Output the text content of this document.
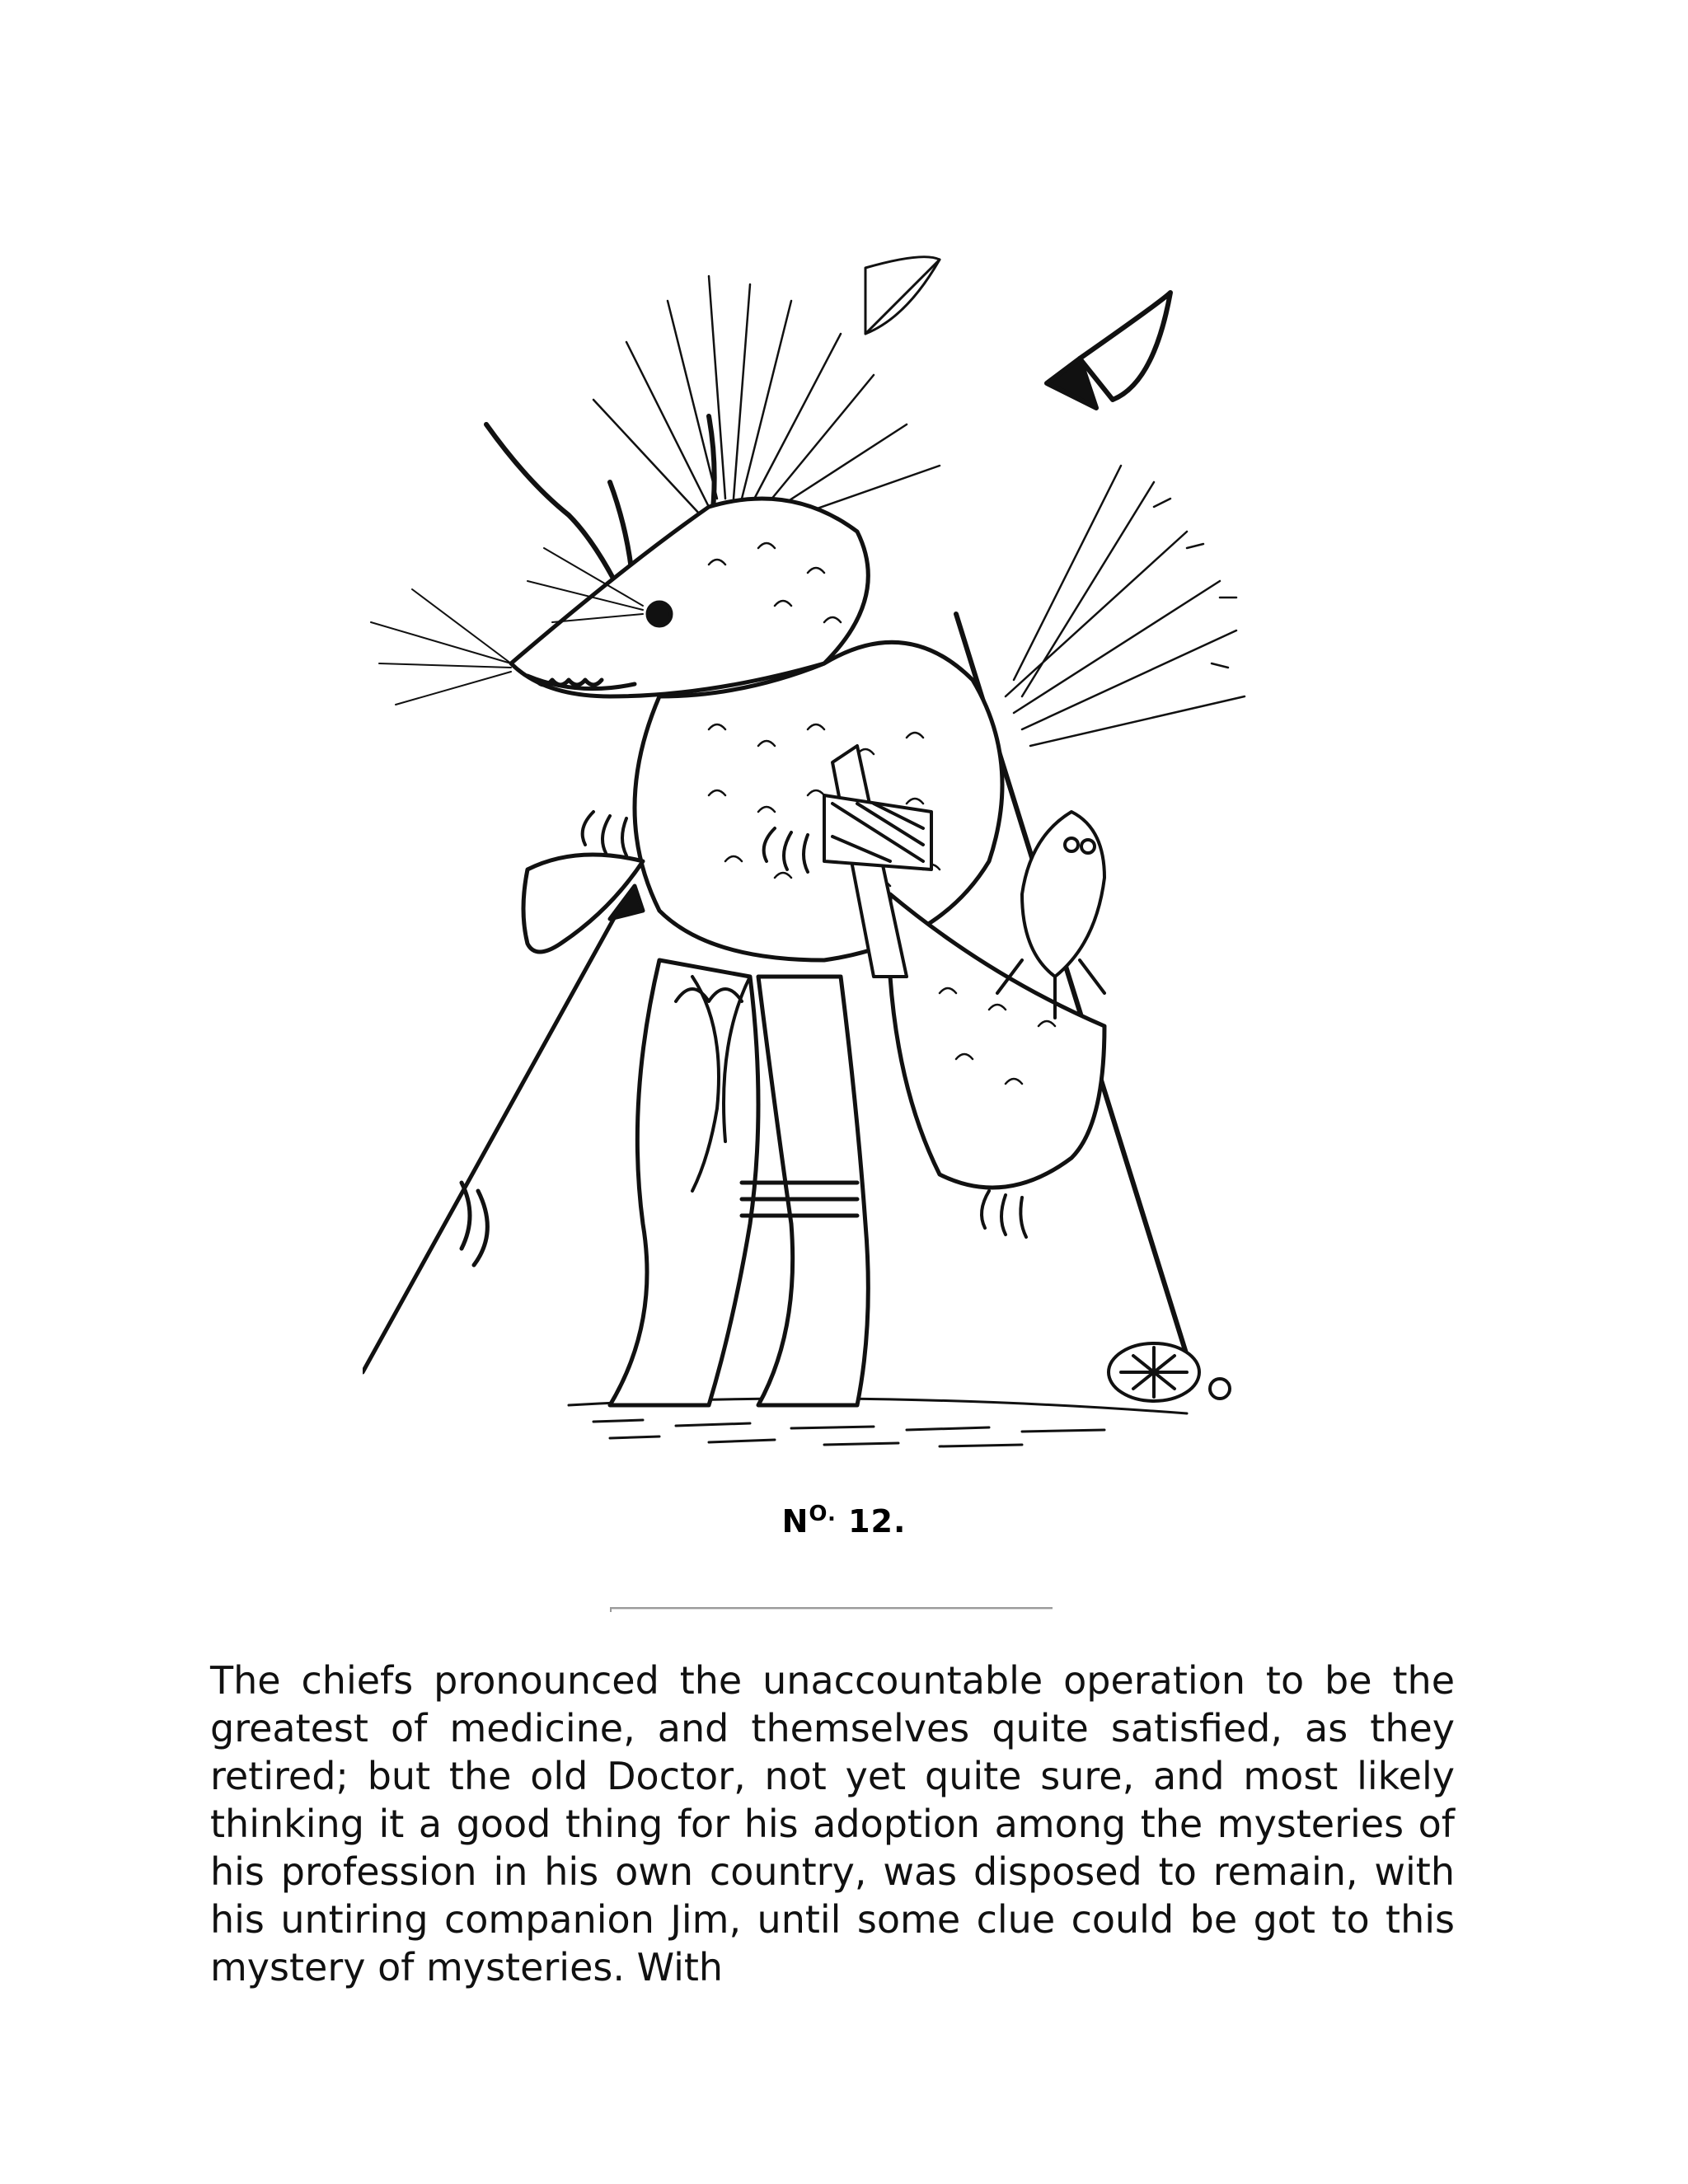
$N^{O.}$ 12.
The chiefs pronounced the unaccountable operation to be the greatest of medicine, and themselves quite satisfied, as they retired; but the old Doctor, not yet quite sure, and most likely thinking it a good thing for his adoption among the mysteries of his profession in his own country, was disposed to remain, with his untiring companion Jim, until some clue could be got to this mystery of mysteries. With
